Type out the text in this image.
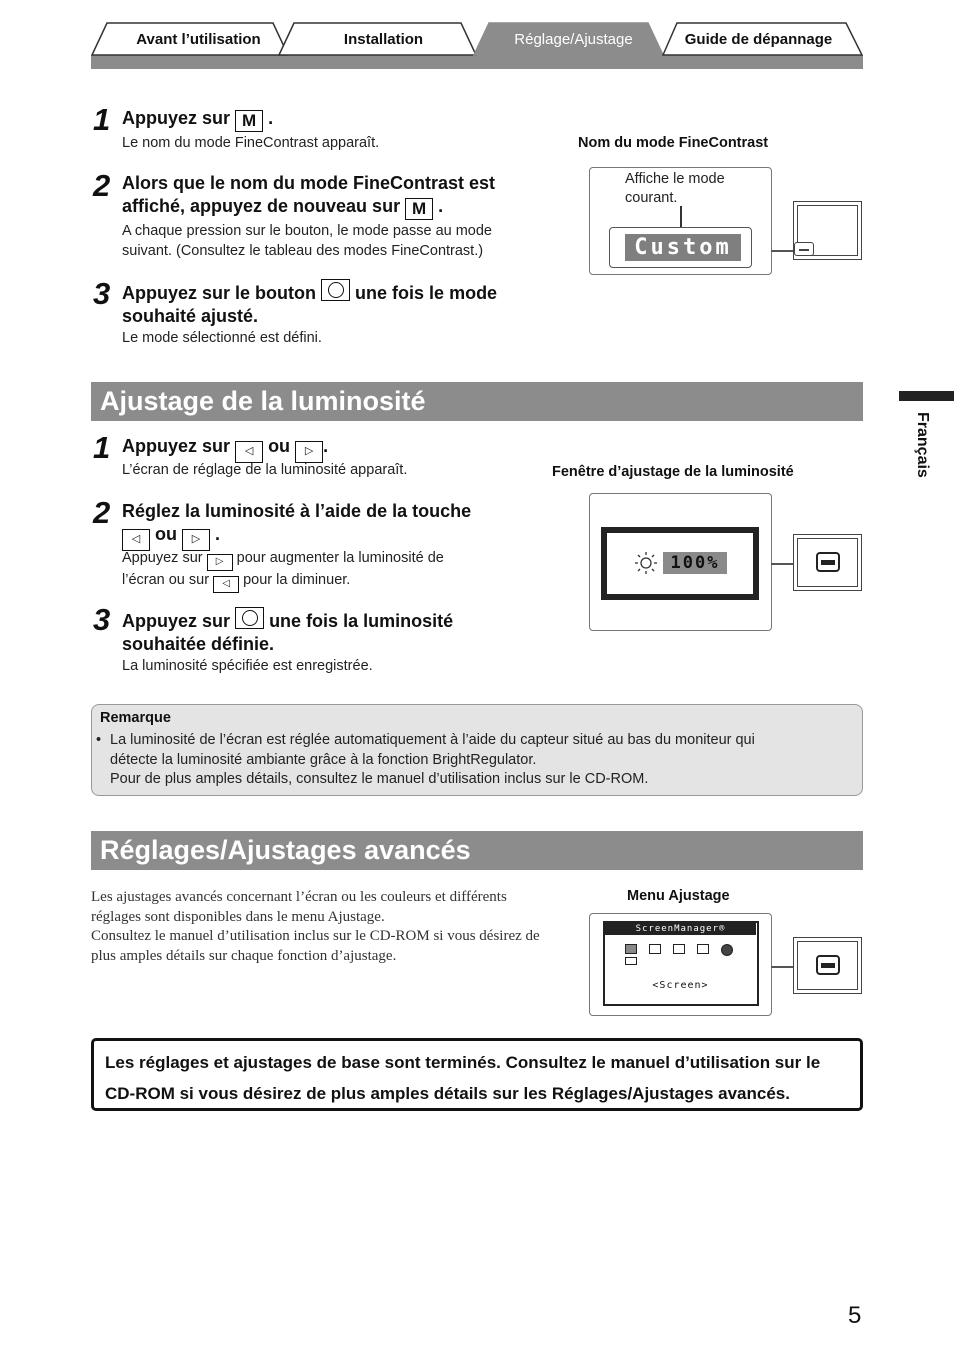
Avant l’utilisation	Installation	Réglage/Ajustage	Guide de dépannage
1 Appuyez sur M .
Le nom du mode FineContrast apparaît.
2 Alors que le nom du mode FineContrast est
affiché, appuyez de nouveau sur M .
A chaque pression sur le bouton, le mode passe au mode
suivant. (Consultez le tableau des modes FineContrast.)
3 Appuyez sur le bouton une fois le mode
souhaité ajusté.
Le mode sélectionné est défini.
Nom du mode FineContrast
Affiche le mode
courant.
Custom
Ajustage de la luminosité
1 Appuyez sur ◁ ou ▷ .
L’écran de réglage de la luminosité apparaît.
2 Réglez la luminosité à l’aide de la touche
◁ ou ▷ .
Appuyez sur ▷ pour augmenter la luminosité de
l’écran ou sur ◁ pour la diminuer.
3 Appuyez sur une fois la luminosité
souhaitée définie.
La luminosité spécifiée est enregistrée.
Fenêtre d’ajustage de la luminosité
100%
Remarque
• La luminosité de l’écran est réglée automatiquement à l’aide du capteur situé au bas du moniteur qui
détecte la luminosité ambiante grâce à la fonction BrightRegulator.
Pour de plus amples détails, consultez le manuel d’utilisation inclus sur le CD-ROM.
Réglages/Ajustages avancés
Les ajustages avancés concernant l’écran ou les couleurs et différents
réglages sont disponibles dans le menu Ajustage.
Consultez le manuel d’utilisation inclus sur le CD-ROM si vous désirez de
plus amples détails sur chaque fonction d’ajustage.
Menu Ajustage
ScreenManager®
<Screen>
Les réglages et ajustages de base sont terminés. Consultez le manuel d’utilisation sur le
CD-ROM si vous désirez de plus amples détails sur les Réglages/Ajustages avancés.
Français
5
